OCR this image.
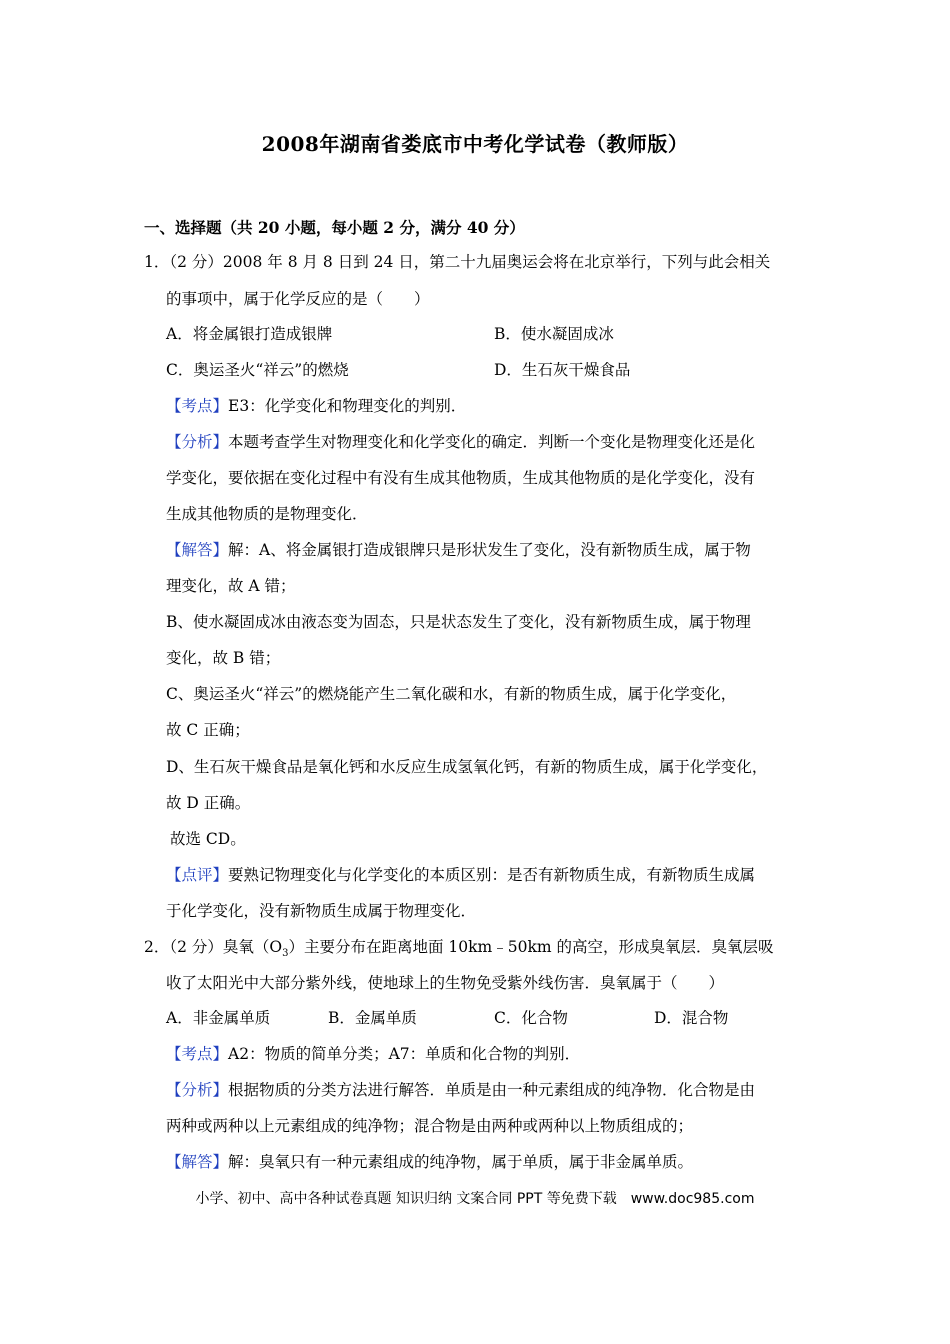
2008年湖南省娄底市中考化学试卷（教师版）
一、选择题（共 20 小题，每小题 2 分，满分 40 分）
1．（2 分）2008 年 8 月 8 日到 24 日，第二十九届奥运会将在北京举行，下列与此会相关
的事项中，属于化学反应的是（　　）
A．将金属银打造成银牌	B．使水凝固成冰
C．奥运圣火“祥云”的燃烧	D．生石灰干燥食品
【考点】E3：化学变化和物理变化的判别．
【分析】本题考查学生对物理变化和化学变化的确定．判断一个变化是物理变化还是化
学变化，要依据在变化过程中有没有生成其他物质，生成其他物质的是化学变化，没有
生成其他物质的是物理变化．
【解答】解：A、将金属银打造成银牌只是形状发生了变化，没有新物质生成，属于物
理变化，故 A 错；
B、使水凝固成冰由液态变为固态，只是状态发生了变化，没有新物质生成，属于物理
变化，故 B 错；
C、奥运圣火“祥云”的燃烧能产生二氧化碳和水，有新的物质生成，属于化学变化，
故 C 正确；
D、生石灰干燥食品是氧化钙和水反应生成氢氧化钙，有新的物质生成，属于化学变化，
故 D 正确。
故选 CD。
【点评】要熟记物理变化与化学变化的本质区别：是否有新物质生成，有新物质生成属
于化学变化，没有新物质生成属于物理变化．
2．（2 分）臭氧$(O_3)$主要分布在距离地面 10km﹣50km 的高空，形成臭氧层．臭氧层吸
收了太阳光中大部分紫外线，使地球上的生物免受紫外线伤害．臭氧属于（　　）
A．非金属单质	B．金属单质	C．化合物	D．混合物
【考点】A2：物质的简单分类；A7：单质和化合物的判别．
【分析】根据物质的分类方法进行解答．单质是由一种元素组成的纯净物．化合物是由
两种或两种以上元素组成的纯净物；混合物是由两种或两种以上物质组成的；
【解答】解：臭氧只有一种元素组成的纯净物，属于单质，属于非金属单质。
小学、初中、高中各种试卷真题 知识归纳 文案合同 PPT 等免费下载　www.doc985.com
